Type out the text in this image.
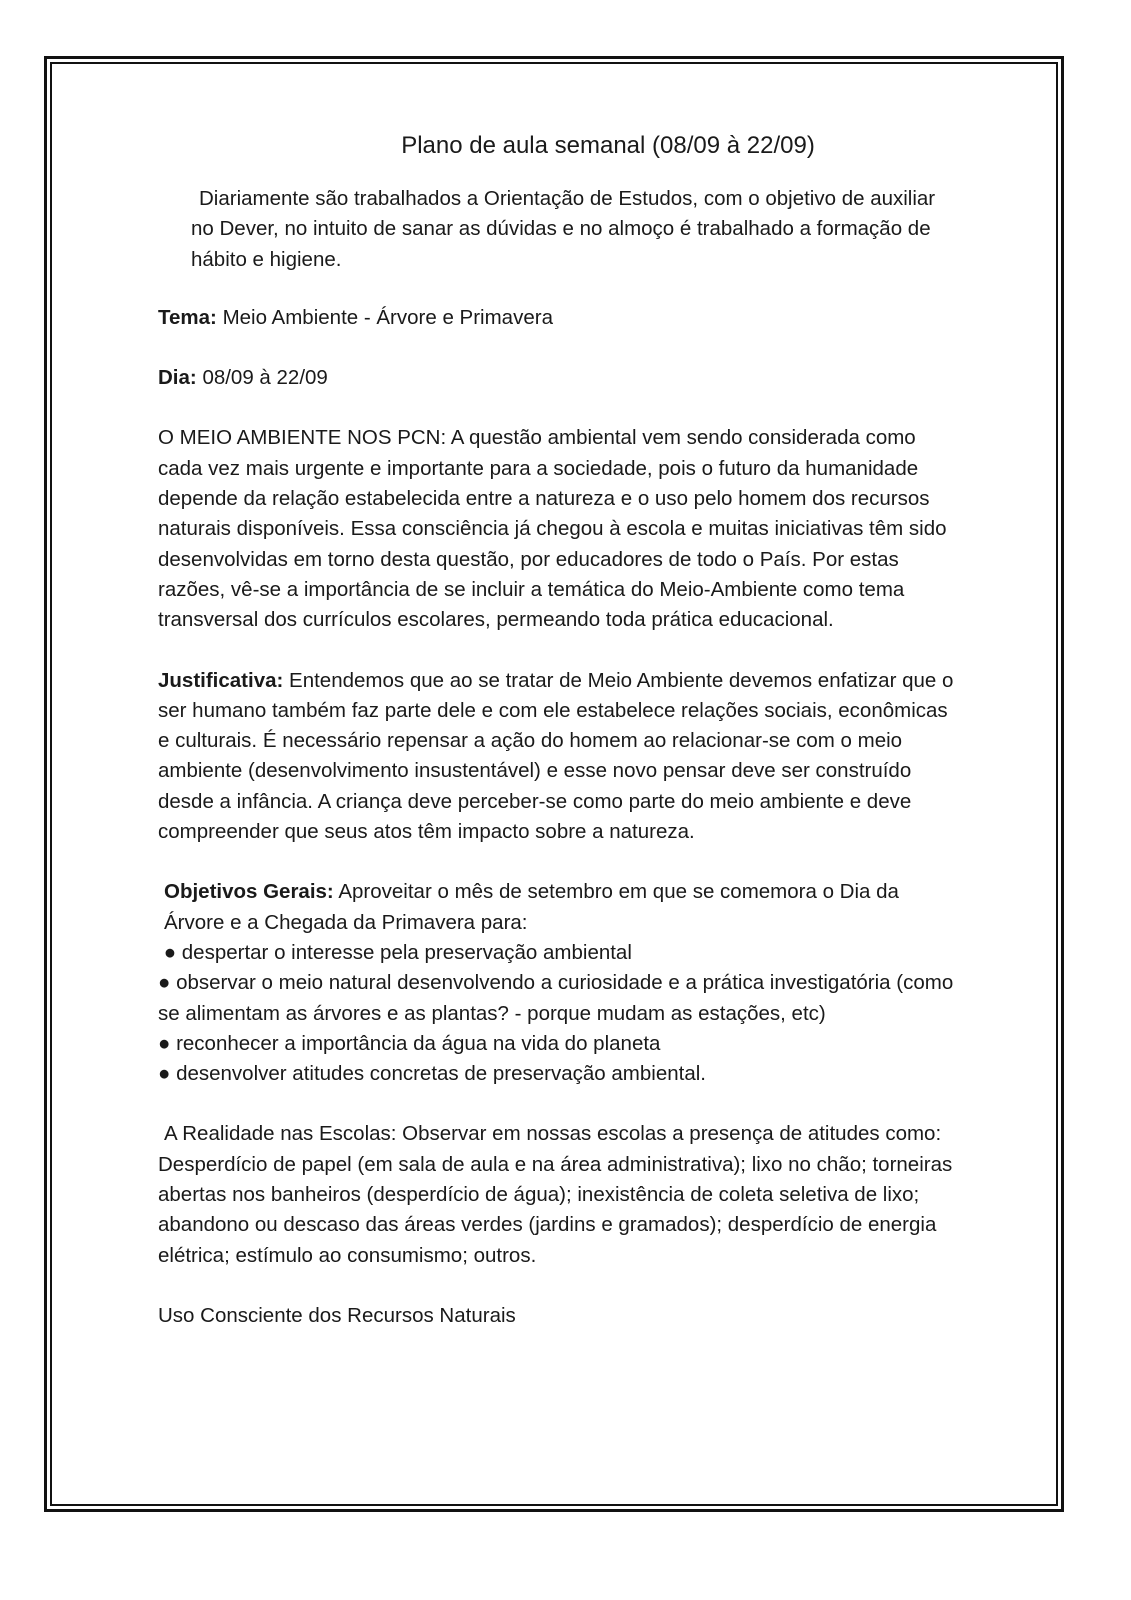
Plano de aula semanal (08/09 à 22/09)

Diariamente são trabalhados a Orientação de Estudos, com o objetivo de auxiliar no Dever, no intuito de sanar as dúvidas e no almoço é trabalhado a formação de hábito e higiene.

Tema: Meio Ambiente - Árvore e Primavera

Dia: 08/09 à 22/09

O MEIO AMBIENTE NOS PCN: A questão ambiental vem sendo considerada como cada vez mais urgente e importante para a sociedade, pois o futuro da humanidade depende da relação estabelecida entre a natureza e o uso pelo homem dos recursos naturais disponíveis. Essa consciência já chegou à escola e muitas iniciativas têm sido desenvolvidas em torno desta questão, por educadores de todo o País. Por estas razões, vê-se a importância de se incluir a temática do Meio-Ambiente como tema transversal dos currículos escolares, permeando toda prática educacional.

Justificativa: Entendemos que ao se tratar de Meio Ambiente devemos enfatizar que o ser humano também faz parte dele e com ele estabelece relações sociais, econômicas e culturais. É necessário repensar a ação do homem ao relacionar-se com o meio ambiente (desenvolvimento insustentável) e esse novo pensar deve ser construído desde a infância. A criança deve perceber-se como parte do meio ambiente e deve compreender que seus atos têm impacto sobre a natureza.

Objetivos Gerais: Aproveitar o mês de setembro em que se comemora o Dia da Árvore e a Chegada da Primavera para:

● despertar o interesse pela preservação ambiental
● observar o meio natural desenvolvendo a curiosidade e a prática investigatória (como se alimentam as árvores e as plantas? - porque mudam as estações, etc)
● reconhecer a importância da água na vida do planeta
● desenvolver atitudes concretas de preservação ambiental.

A Realidade nas Escolas: Observar em nossas escolas a presença de atitudes como: Desperdício de papel (em sala de aula e na área administrativa); lixo no chão; torneiras abertas nos banheiros (desperdício de água); inexistência de coleta seletiva de lixo; abandono ou descaso das áreas verdes (jardins e gramados); desperdício de energia elétrica; estímulo ao consumismo; outros.

Uso Consciente dos Recursos Naturais
